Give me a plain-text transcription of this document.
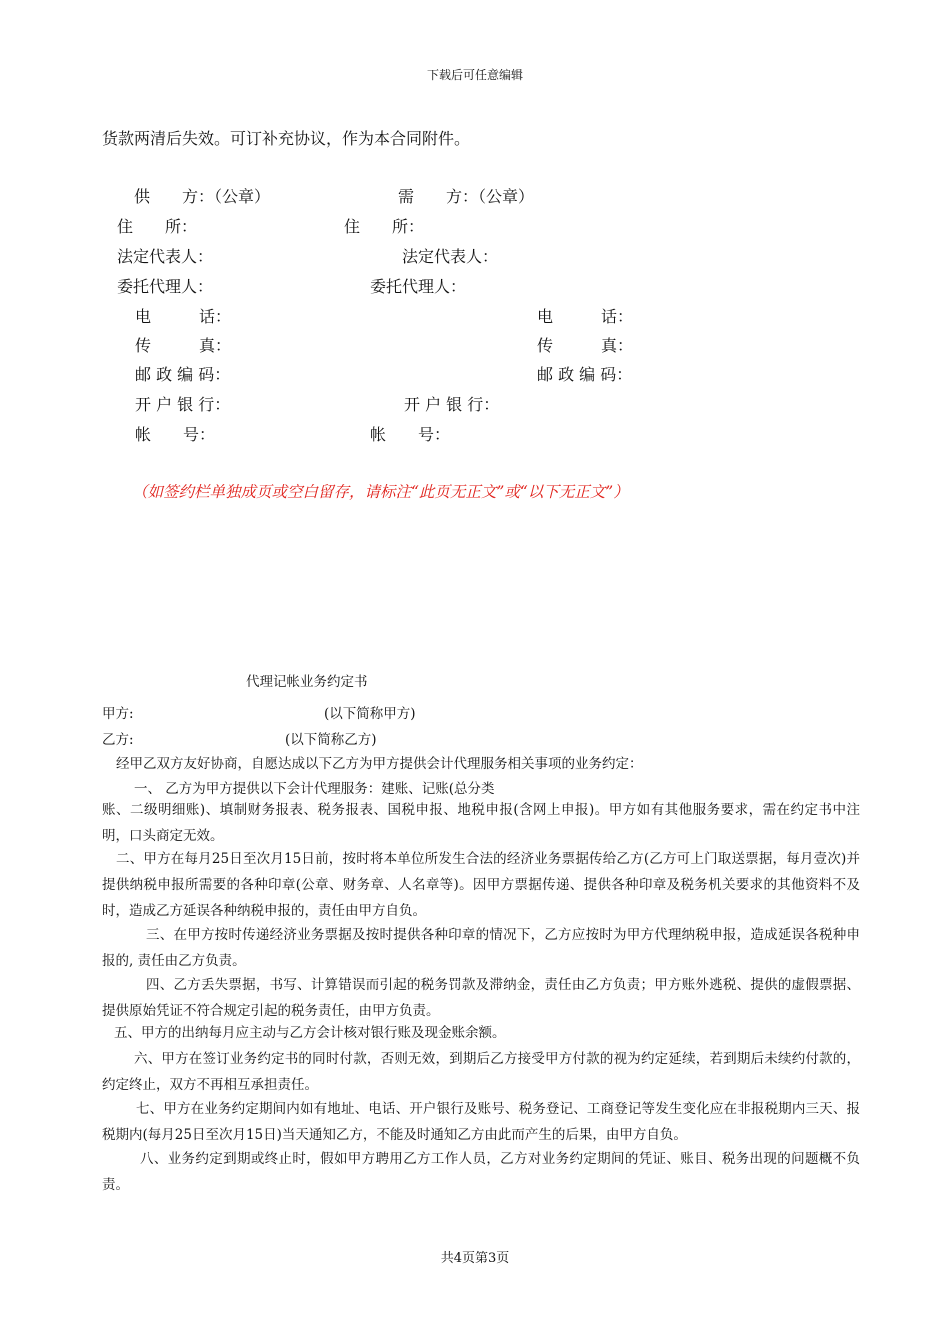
下载后可任意编辑
货款两清后失效。可订补充协议，作为本合同附件。
供　　方：（公章）	需　　方：（公章）
住　　所：	住　　所：
法定代表人：	法定代表人：
委托代理人：	委托代理人：
电　　　话：	电　　　话：
传　　　真：	传　　　真：
邮 政 编 码：	邮 政 编 码：
开 户 银 行：	开 户 银 行：
帐　　号：	帐　　号：
（如签约栏单独成页或空白留存，请标注“此页无正文”或“以下无正文”）
代理记帐业务约定书
甲方:	(以下简称甲方)
乙方:	(以下简称乙方)
经甲乙双方友好协商，自愿达成以下乙方为甲方提供会计代理服务相关事项的业务约定：
一、 乙方为甲方提供以下会计代理服务：建账、记账(总分类
账、二级明细账)、填制财务报表、税务报表、国税申报、地税申报(含网上申报)。甲方如有其他服务要求，需在约定书中注明，口头商定无效。
二、甲方在每月25日至次月15日前，按时将本单位所发生合法的经济业务票据传给乙方(乙方可上门取送票据，每月壹次)并提供纳税申报所需要的各种印章(公章、财务章、人名章等)。因甲方票据传递、提供各种印章及税务机关要求的其他资料不及时，造成乙方延误各种纳税申报的，责任由甲方自负。
三、在甲方按时传递经济业务票据及按时提供各种印章的情况下，乙方应按时为甲方代理纳税申报，造成延误各税种申报的, 责任由乙方负责。
四、乙方丢失票据，书写、计算错误而引起的税务罚款及滞纳金，责任由乙方负责；甲方账外逃税、提供的虚假票据、提供原始凭证不符合规定引起的税务责任，由甲方负责。
五、甲方的出纳每月应主动与乙方会计核对银行账及现金账余额。
六、甲方在签订业务约定书的同时付款，否则无效，到期后乙方接受甲方付款的视为约定延续，若到期后未续约付款的，约定终止，双方不再相互承担责任。
七、甲方在业务约定期间内如有地址、电话、开户银行及账号、税务登记、工商登记等发生变化应在非报税期内三天、报税期内(每月25日至次月15日)当天通知乙方，不能及时通知乙方由此而产生的后果，由甲方自负。
八、业务约定到期或终止时，假如甲方聘用乙方工作人员，乙方对业务约定期间的凭证、账目、税务出现的问题概不负责。
共4页第3页
